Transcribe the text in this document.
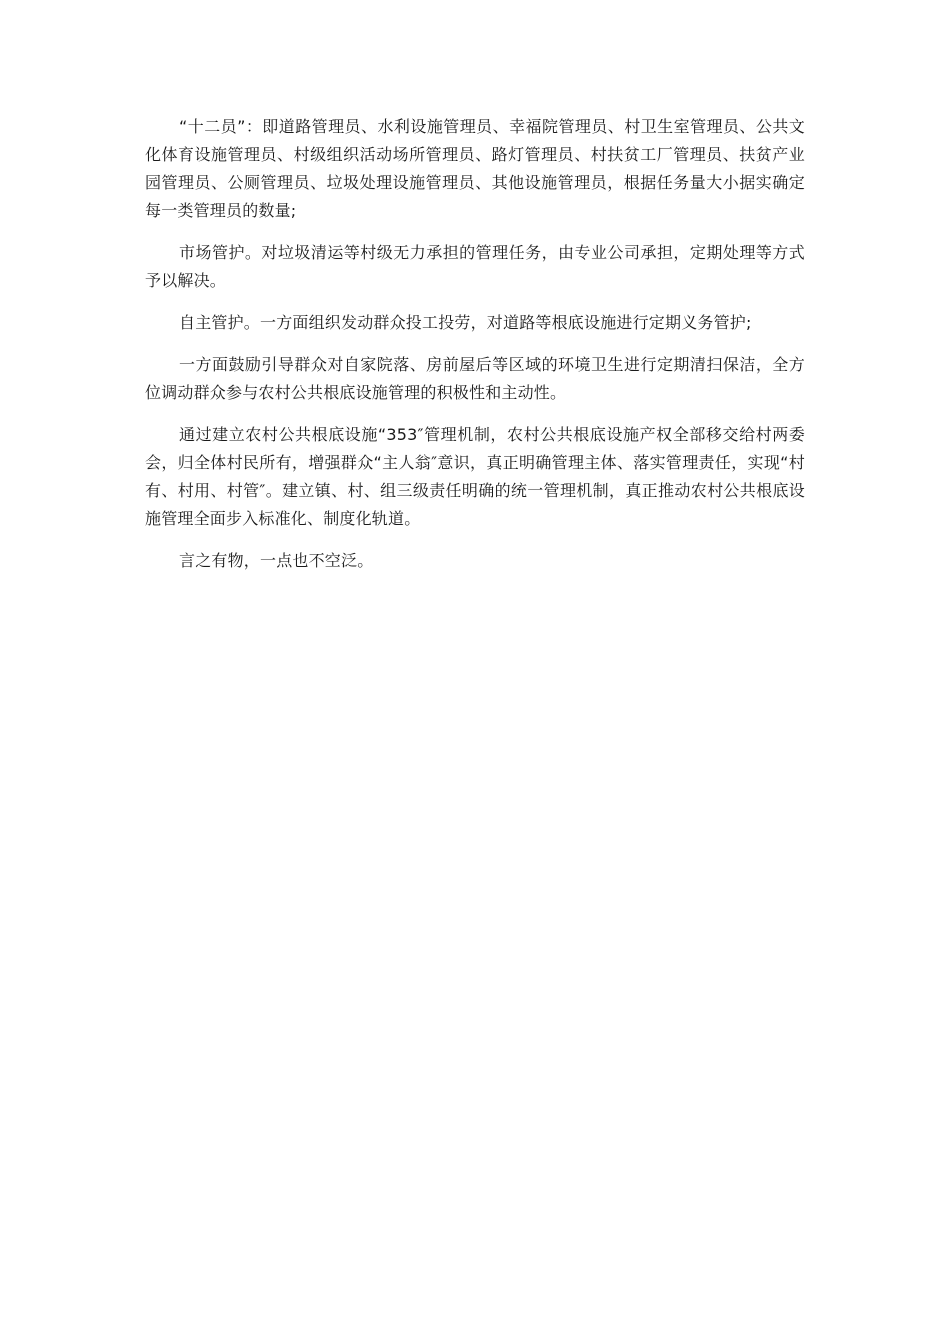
“十二员”：即道路管理员、水利设施管理员、幸福院管理员、村卫生室管理员、公共文化体育设施管理员、村级组织活动场所管理员、路灯管理员、村扶贫工厂管理员、扶贫产业园管理员、公厕管理员、垃圾处理设施管理员、其他设施管理员，根据任务量大小据实确定每一类管理员的数量;

市场管护。对垃圾清运等村级无力承担的管理任务，由专业公司承担，定期处理等方式予以解决。

自主管护。一方面组织发动群众投工投劳，对道路等根底设施进行定期义务管护;

一方面鼓励引导群众对自家院落、房前屋后等区域的环境卫生进行定期清扫保洁，全方位调动群众参与农村公共根底设施管理的积极性和主动性。

通过建立农村公共根底设施“353″管理机制，农村公共根底设施产权全部移交给村两委会，归全体村民所有，增强群众“主人翁″意识，真正明确管理主体、落实管理责任，实现“村有、村用、村管″。建立镇、村、组三级责任明确的统一管理机制，真正推动农村公共根底设施管理全面步入标准化、制度化轨道。

言之有物，一点也不空泛。
